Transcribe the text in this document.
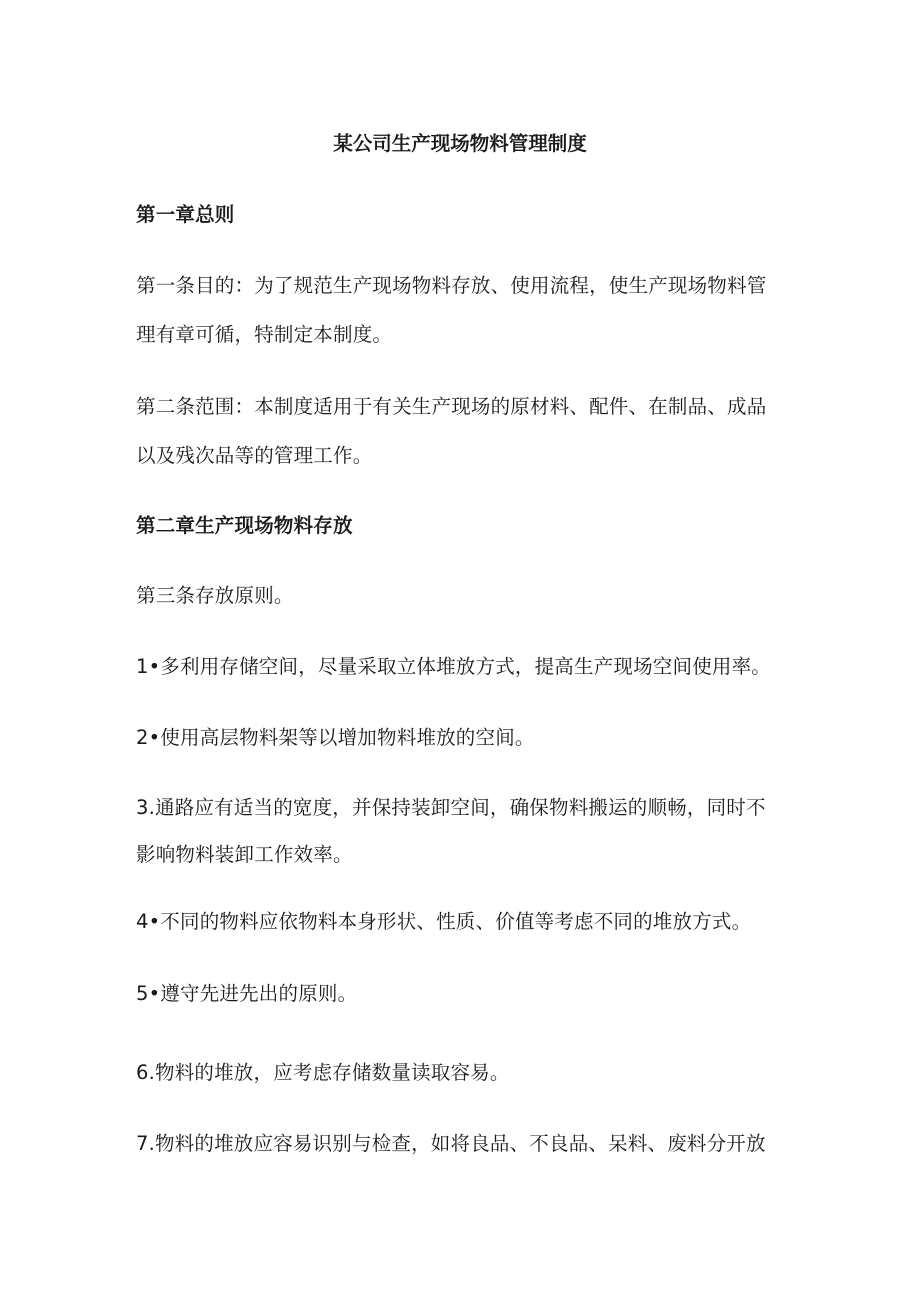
某公司生产现场物料管理制度
第一章总则
第一条目的：为了规范生产现场物料存放、使用流程，使生产现场物料管
理有章可循，特制定本制度。
第二条范围：本制度适用于有关生产现场的原材料、配件、在制品、成品
以及残次品等的管理工作。
第二章生产现场物料存放
第三条存放原则。
1•多利用存储空间，尽量采取立体堆放方式，提高生产现场空间使用率。
2•使用高层物料架等以增加物料堆放的空间。
3.通路应有适当的宽度，并保持装卸空间，确保物料搬运的顺畅，同时不
影响物料装卸工作效率。
4•不同的物料应依物料本身形状、性质、价值等考虑不同的堆放方式。
5•遵守先进先出的原则。
6.物料的堆放，应考虑存储数量读取容易。
7.物料的堆放应容易识别与检查，如将良品、不良品、呆料、废料分开放
